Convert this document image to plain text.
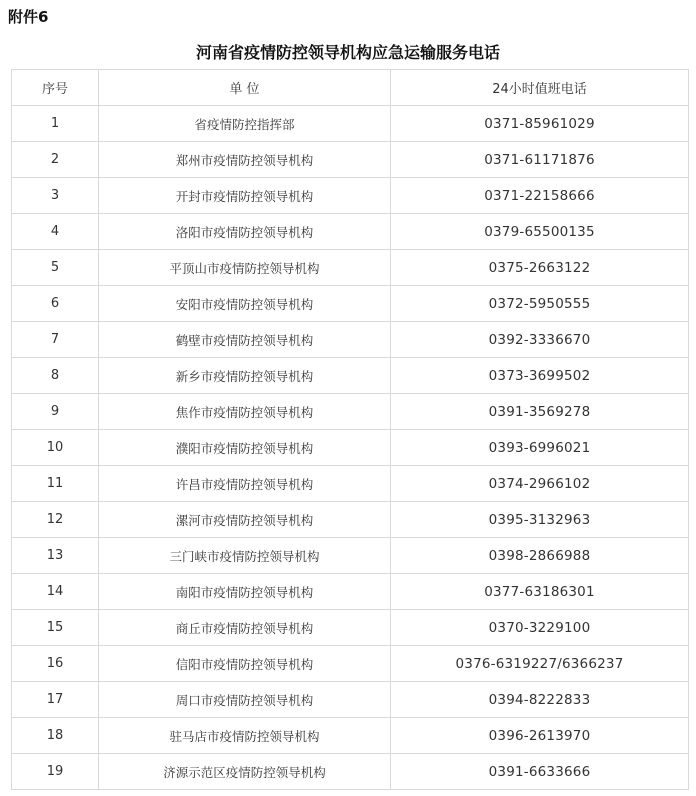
附件6
河南省疫情防控领导机构应急运输服务电话
序号	单 位	24小时值班电话
1	省疫情防控指挥部	0371-85961029
2	郑州市疫情防控领导机构	0371-61171876
3	开封市疫情防控领导机构	0371-22158666
4	洛阳市疫情防控领导机构	0379-65500135
5	平顶山市疫情防控领导机构	0375-2663122
6	安阳市疫情防控领导机构	0372-5950555
7	鹤壁市疫情防控领导机构	0392-3336670
8	新乡市疫情防控领导机构	0373-3699502
9	焦作市疫情防控领导机构	0391-3569278
10	濮阳市疫情防控领导机构	0393-6996021
11	许昌市疫情防控领导机构	0374-2966102
12	漯河市疫情防控领导机构	0395-3132963
13	三门峡市疫情防控领导机构	0398-2866988
14	南阳市疫情防控领导机构	0377-63186301
15	商丘市疫情防控领导机构	0370-3229100
16	信阳市疫情防控领导机构	0376-6319227/6366237
17	周口市疫情防控领导机构	0394-8222833
18	驻马店市疫情防控领导机构	0396-2613970
19	济源示范区疫情防控领导机构	0391-6633666
